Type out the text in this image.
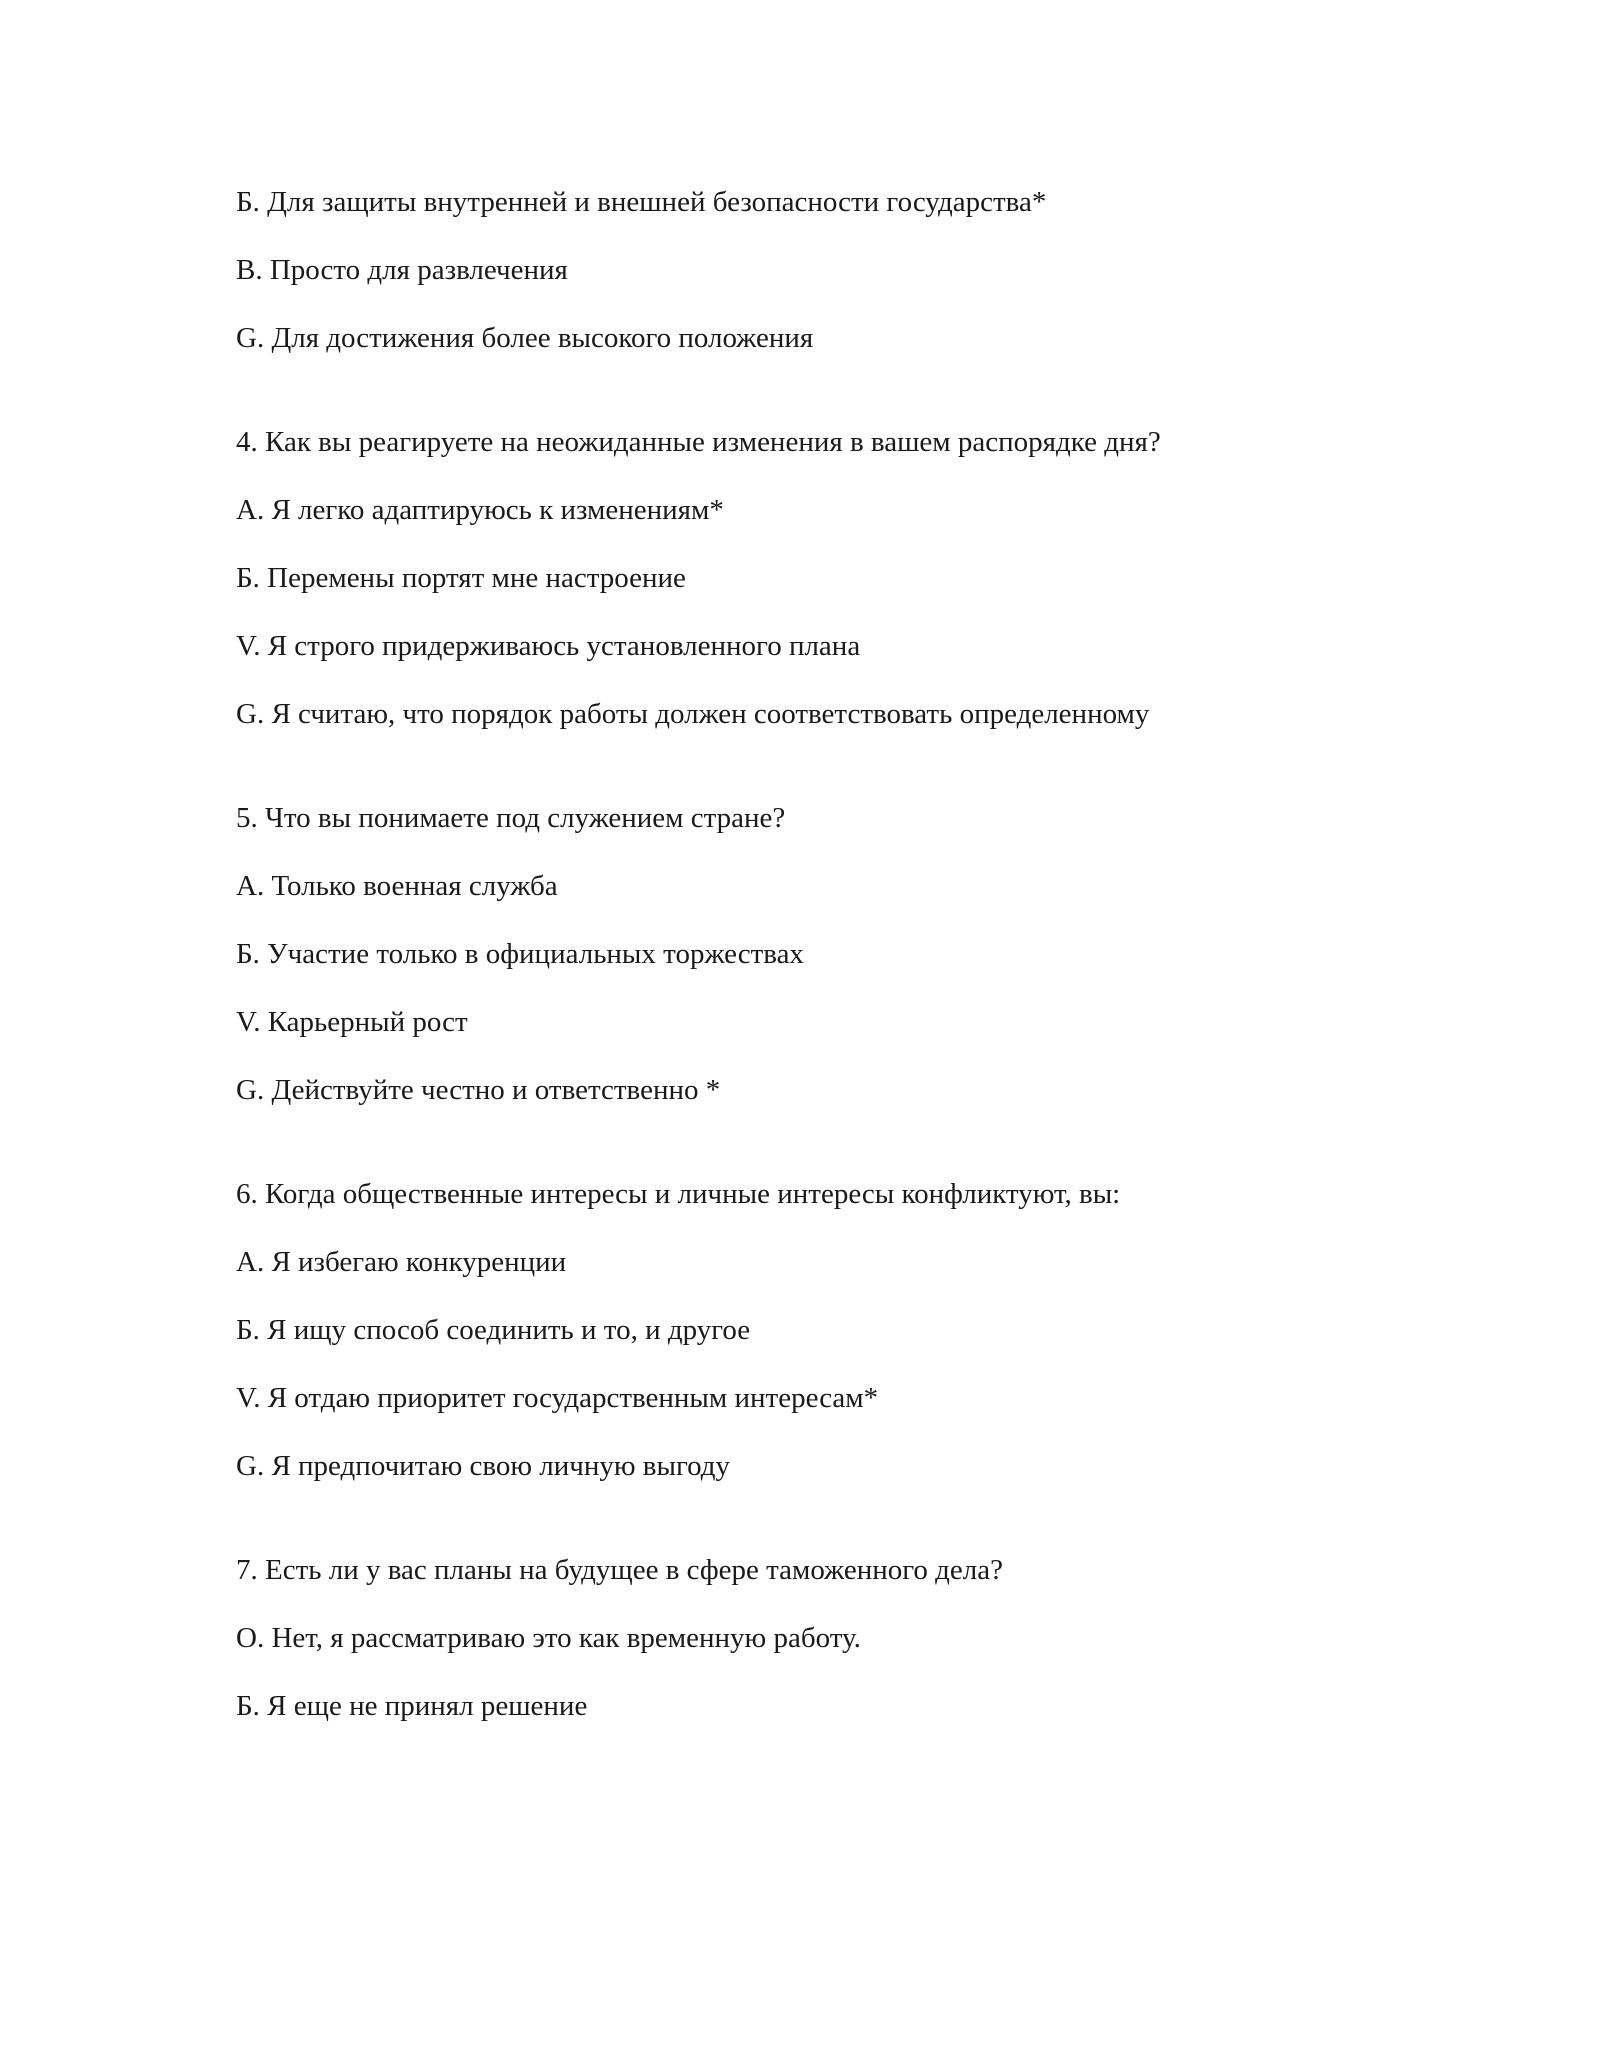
Б. Для защиты внутренней и внешней безопасности государства*
В. Просто для развлечения
G. Для достижения более высокого положения
4. Как вы реагируете на неожиданные изменения в вашем распорядке дня?
А. Я легко адаптируюсь к изменениям*
Б. Перемены портят мне настроение
V. Я строго придерживаюсь установленного плана
G. Я считаю, что порядок работы должен соответствовать определенному
5. Что вы понимаете под служением стране?
А. Только военная служба
Б. Участие только в официальных торжествах
V. Карьерный рост
G. Действуйте честно и ответственно *
6. Когда общественные интересы и личные интересы конфликтуют, вы:
А. Я избегаю конкуренции
Б. Я ищу способ соединить и то, и другое
V. Я отдаю приоритет государственным интересам*
G. Я предпочитаю свою личную выгоду
7. Есть ли у вас планы на будущее в сфере таможенного дела?
О. Нет, я рассматриваю это как временную работу.
Б. Я еще не принял решение
